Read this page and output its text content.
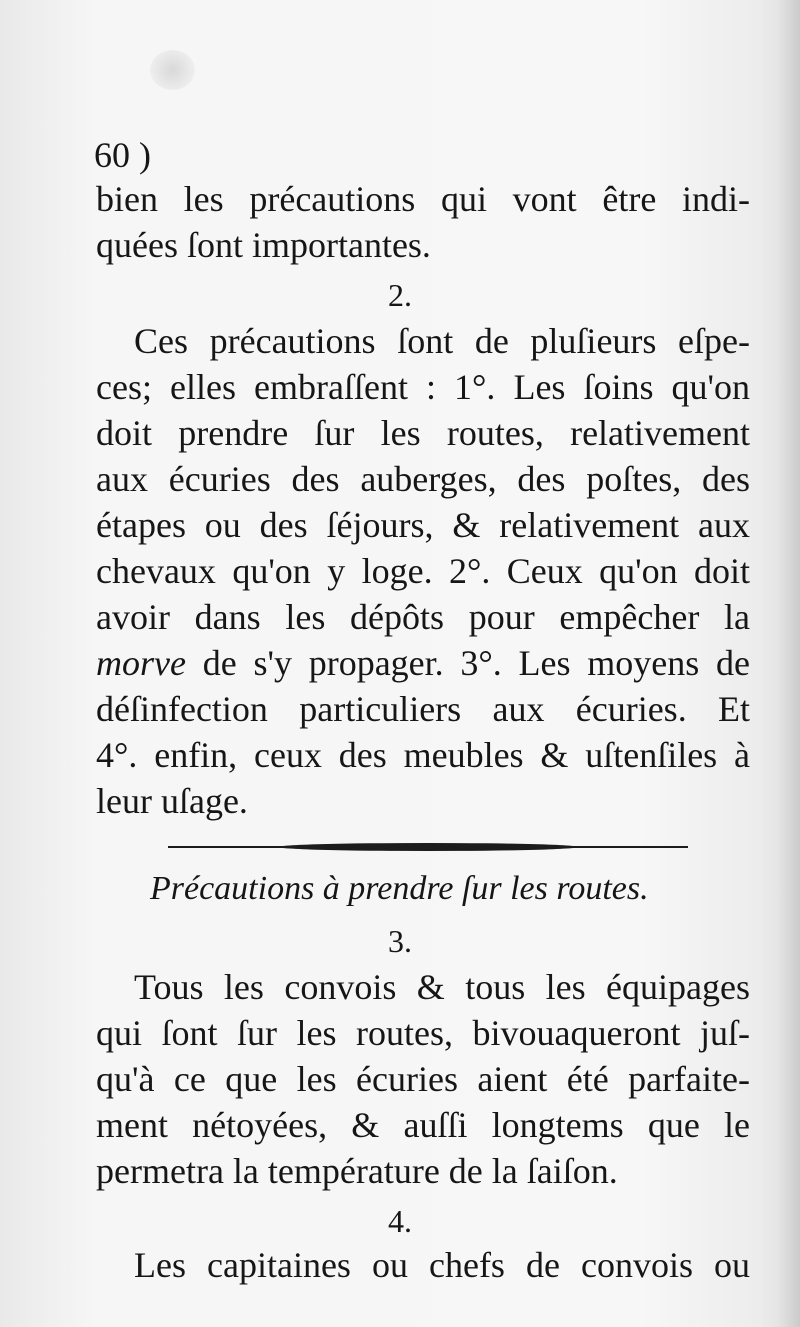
60 )
bien les précautions qui vont être indi-
quées ſont importantes.
2.
Ces précautions ſont de pluſieurs eſpe-
ces; elles embraſſent : 1°. Les ſoins qu'on
doit prendre ſur les routes, relativement
aux écuries des auberges, des poſtes, des
étapes ou des ſéjours, & relativement aux
chevaux qu'on y loge. 2°. Ceux qu'on doit
avoir dans les dépôts pour empêcher la
morve de s'y propager. 3°. Les moyens de
déſinfection particuliers aux écuries. Et
4°. enfin, ceux des meubles & uſtenſiles à
leur uſage.
Précautions à prendre ſur les routes.
3.
Tous les convois & tous les équipages
qui ſont ſur les routes, bivouaqueront juſ-
qu'à ce que les écuries aient été parfaite-
ment nétoyées, & auſſi longtems que le
permetra la température de la ſaiſon.
4.
Les capitaines ou chefs de convois ou
